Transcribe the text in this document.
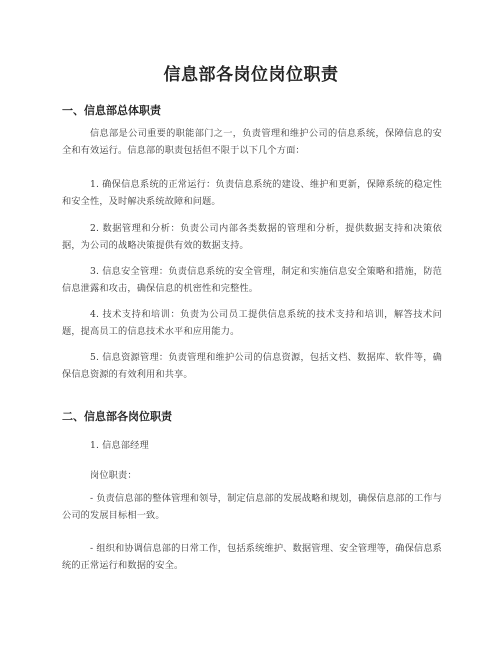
信息部各岗位岗位职责
一、信息部总体职责
信息部是公司重要的职能部门之一，负责管理和维护公司的信息系统，保障信息的安全和有效运行。信息部的职责包括但不限于以下几个方面：
1. 确保信息系统的正常运行：负责信息系统的建设、维护和更新，保障系统的稳定性和安全性，及时解决系统故障和问题。
2. 数据管理和分析：负责公司内部各类数据的管理和分析，提供数据支持和决策依据，为公司的战略决策提供有效的数据支持。
3. 信息安全管理：负责信息系统的安全管理，制定和实施信息安全策略和措施，防范信息泄露和攻击，确保信息的机密性和完整性。
4. 技术支持和培训：负责为公司员工提供信息系统的技术支持和培训，解答技术问题，提高员工的信息技术水平和应用能力。
5. 信息资源管理：负责管理和维护公司的信息资源，包括文档、数据库、软件等，确保信息资源的有效利用和共享。
二、信息部各岗位职责
1. 信息部经理
岗位职责：
- 负责信息部的整体管理和领导，制定信息部的发展战略和规划，确保信息部的工作与公司的发展目标相一致。
- 组织和协调信息部的日常工作，包括系统维护、数据管理、安全管理等，确保信息系统的正常运行和数据的安全。
